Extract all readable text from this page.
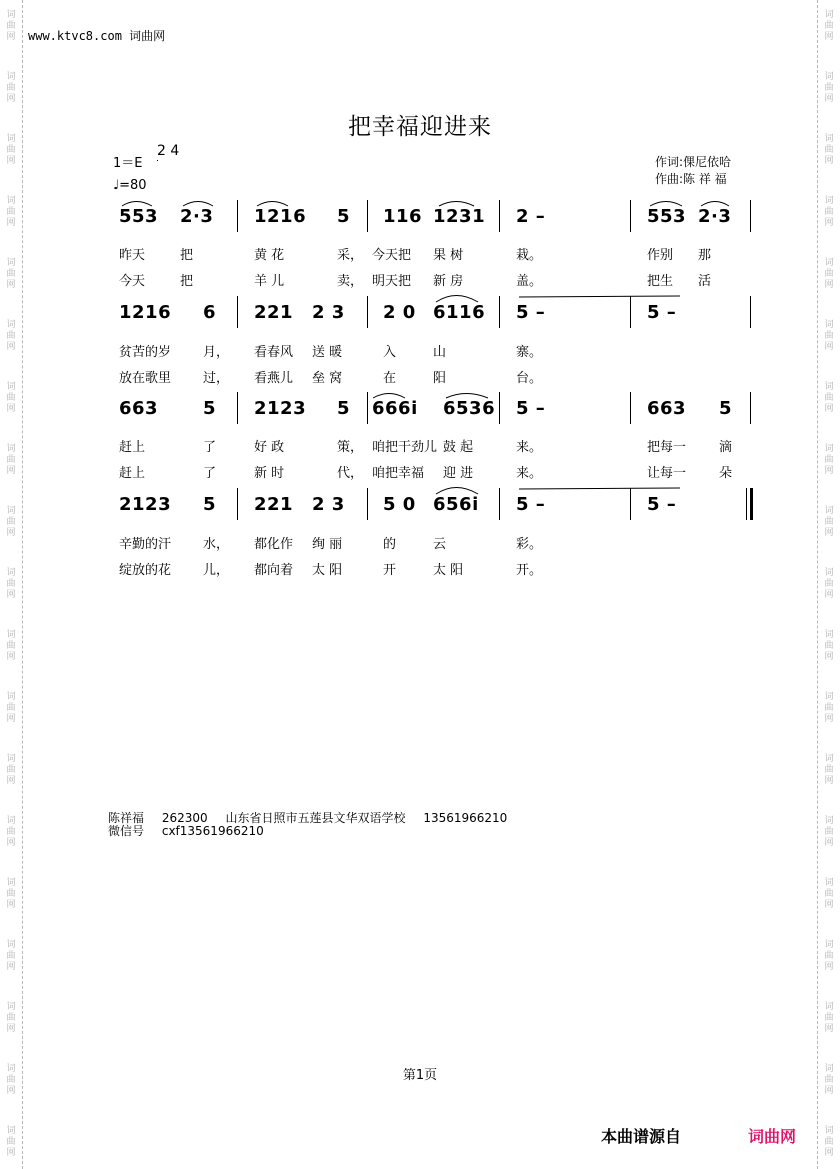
词
曲
网
词
曲
网
词
曲
网
词
曲
网
词
曲
网
词
曲
网
词
曲
网
词
曲
网
词
曲
网
词
曲
网
词
曲
网
词
曲
网
词
曲
网
词
曲
网
词
曲
网
词
曲
网
词
曲
网
词
曲
网
词
曲
网
词
曲
网
词
曲
网
词
曲
网
词
曲
网
词
曲
网
词
曲
网
词
曲
网
词
曲
网
词
曲
网
词
曲
网
词
曲
网
词
曲
网
词
曲
网
词
曲
网
词
曲
网
词
曲
网
词
曲
网
词
曲
网
词
曲
网
www.ktvc8.com 词曲网
把幸福迎进来
1＝E
2 4
♩=80
作词:倮尼依哈
作曲:陈 祥 福
553 2·3 1216 5 116 1231 2 –	553 2·3
昨天	把	黄 花	采， 今天把 果 树	栽。	作别 那
今天	把	羊 儿	卖， 明天把 新 房	盖。	把生 活
1216 6 221 2 3 2 0 6116 5 –	5 –
贫苦的岁 月， 看春风 送 暖	入	山	寨。
放在歌里 过， 看燕儿 垒 窝	在	阳	台。
663 5 2123 5 666i 6536 5 –	663 5
赶上	了	好 政	策， 咱把干劲儿 鼓 起	来。	把每一	滴
赶上	了	新 时	代， 咱把幸福 迎 进	来。	让每一	朵
2123 5 221 2 3 5 0 656i 5 –	5 –
辛勤的汗 水， 都化作 绚 丽	的	云	彩。
绽放的花 儿， 都向着 太 阳	开	太 阳	开。
陈祥福 262300 山东省日照市五莲县文华双语学校 13561966210
微信号 cxf13561966210
第1页
本曲谱源自	词曲网
